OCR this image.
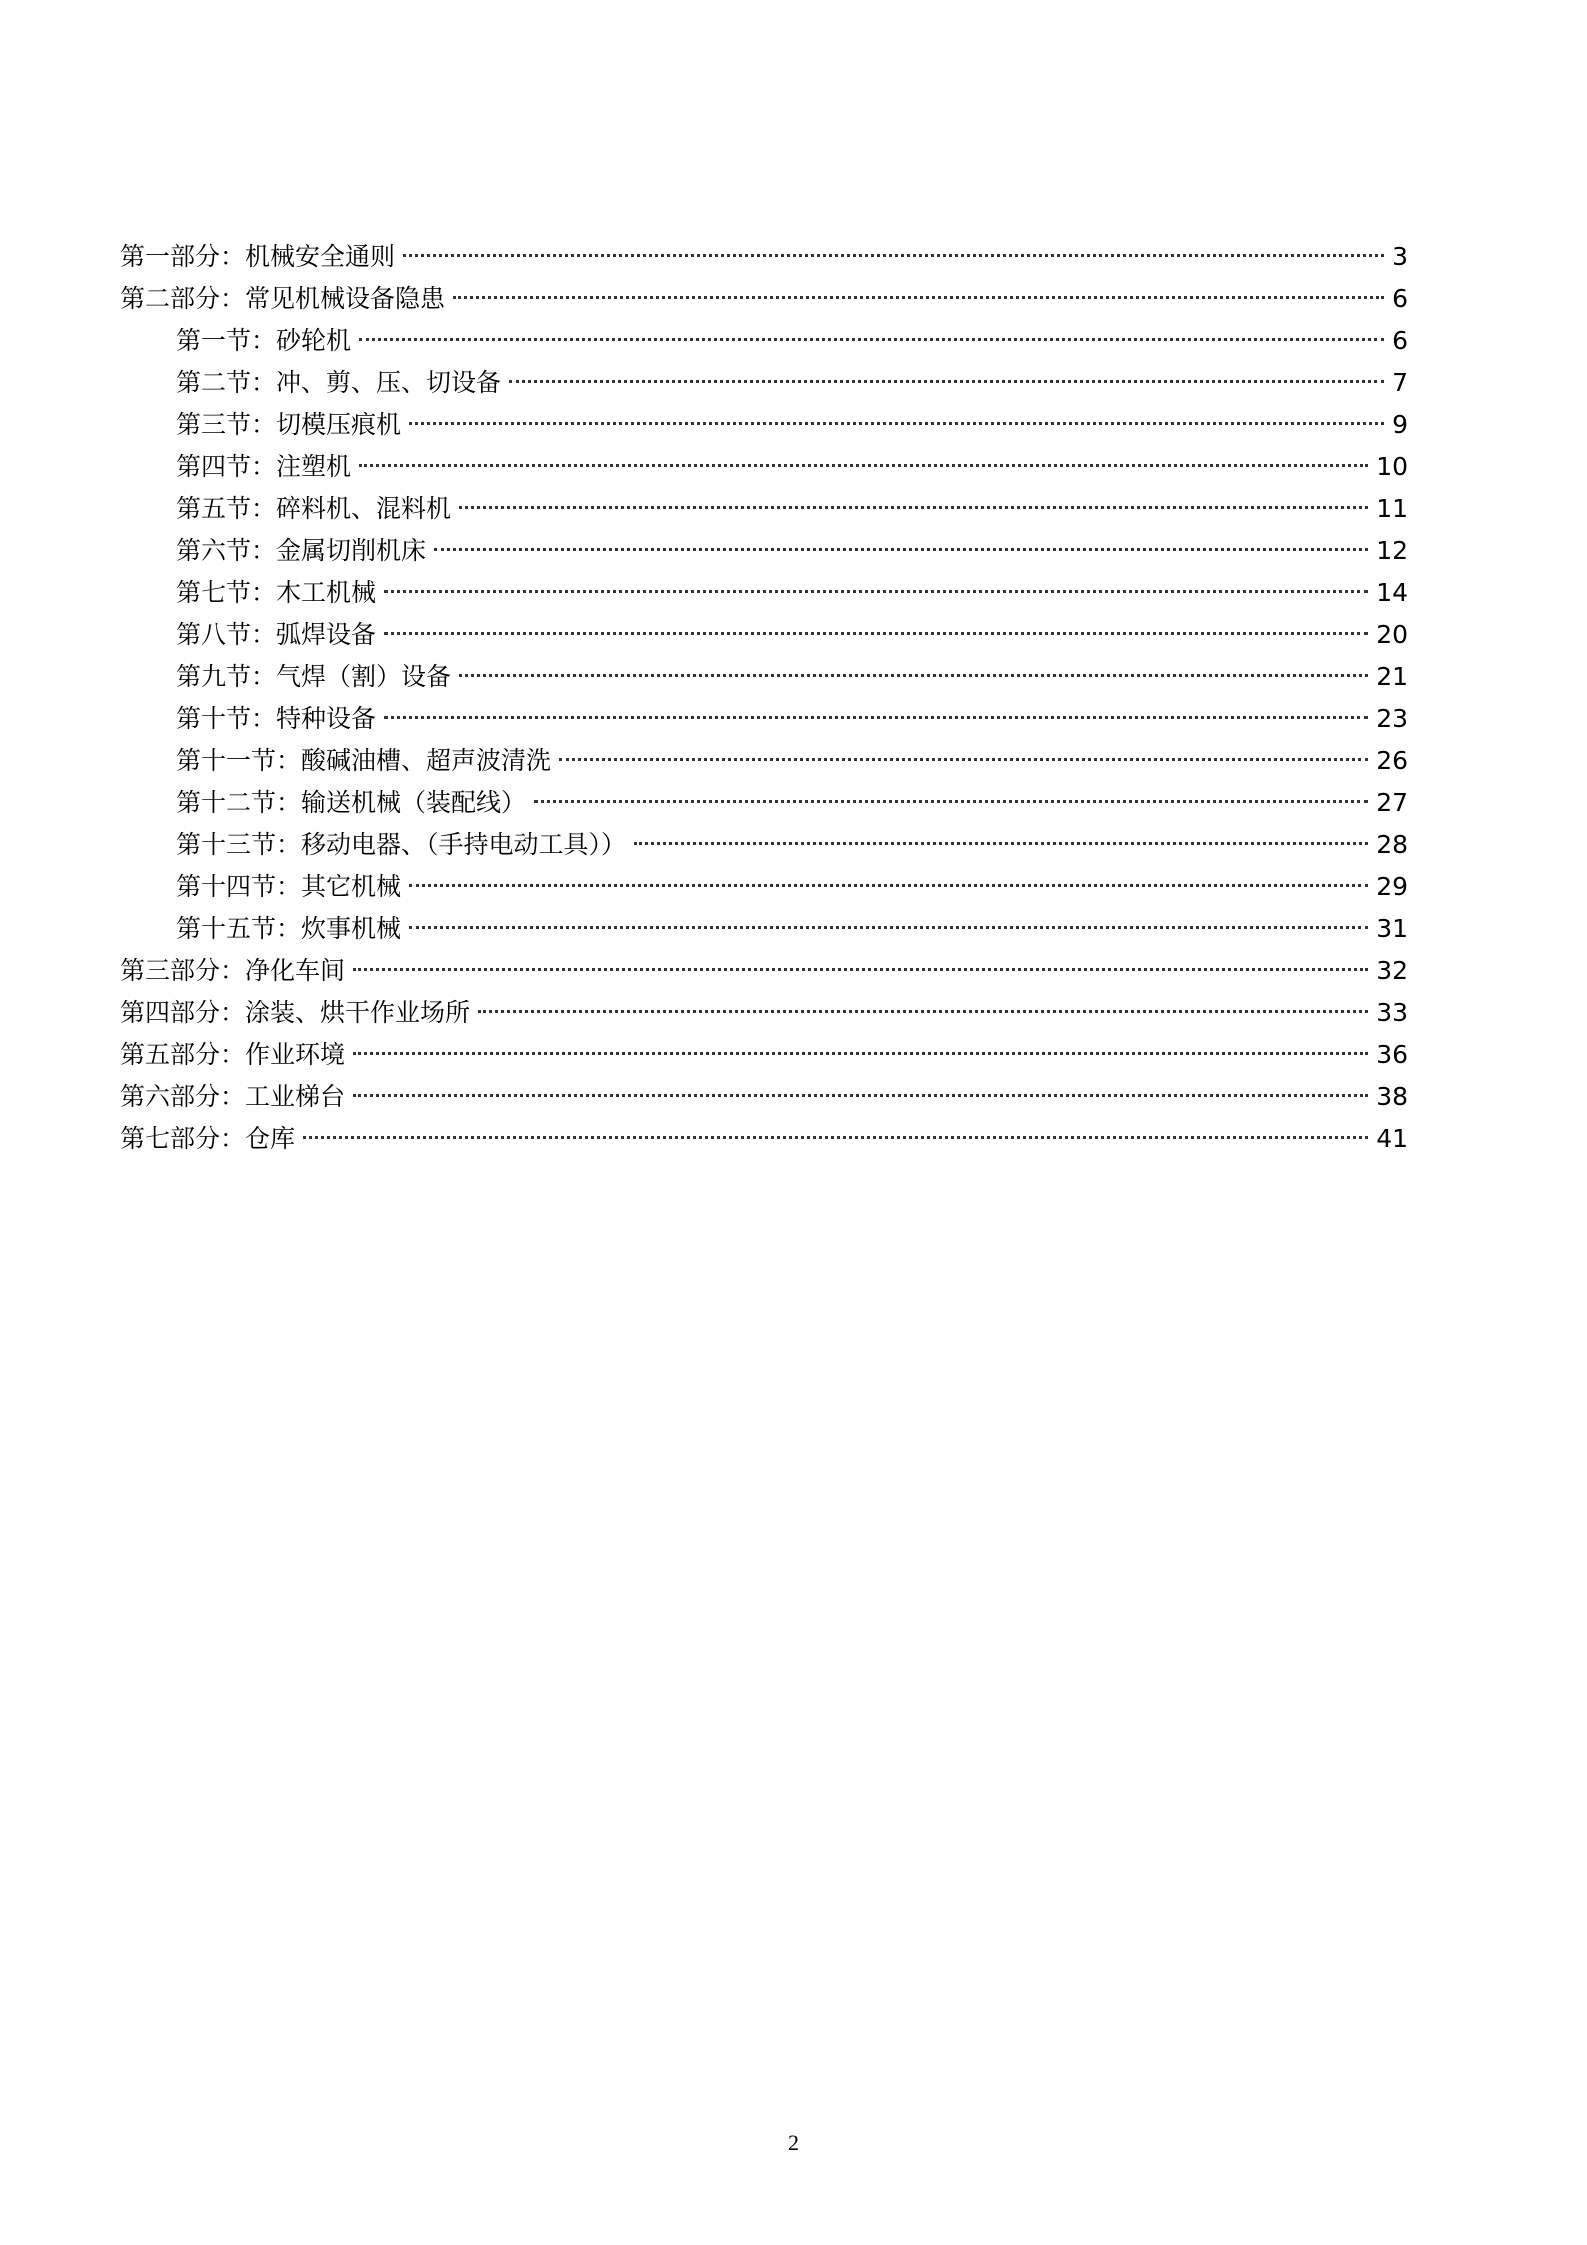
第一部分：机械安全通则	3
第二部分：常见机械设备隐患	6
第一节：砂轮机	6
第二节：冲、剪、压、切设备	7
第三节：切模压痕机	9
第四节：注塑机	10
第五节：碎料机、混料机	11
第六节：金属切削机床	12
第七节：木工机械	14
第八节：弧焊设备	20
第九节：气焊（割）设备	21
第十节：特种设备	23
第十一节：酸碱油槽、超声波清洗	26
第十二节：输送机械（装配线）	27
第十三节：移动电器、（手持电动工具））	28
第十四节：其它机械	29
第十五节：炊事机械	31
第三部分：净化车间	32
第四部分：涂装、烘干作业场所	33
第五部分：作业环境	36
第六部分：工业梯台	38
第七部分：仓库	41
2
